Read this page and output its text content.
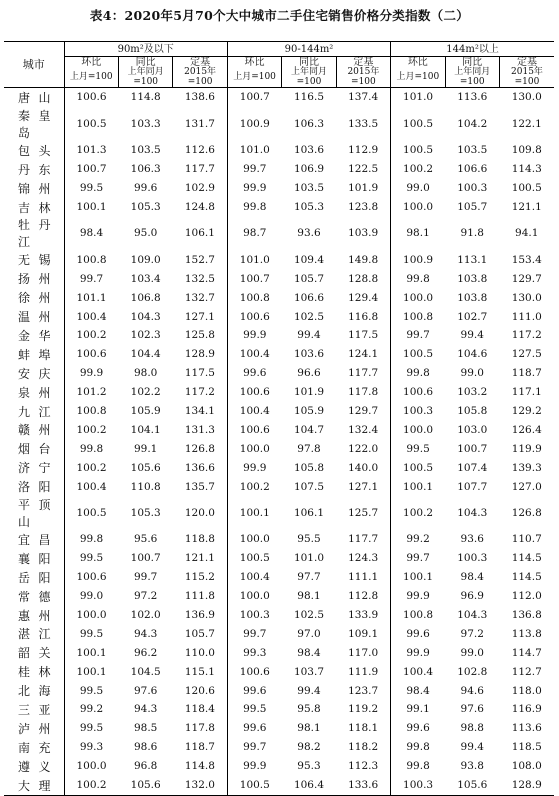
表4：2020年5月70个大中城市二手住宅销售价格分类指数（二）
城市	90m²及以下			90-144m²			144m²以上		
	环比	同比	定基	环比	同比	定基	环比	同比	定基
	上月=100	上年同月=100	2015年=100	上月=100	上年同月=100	2015年=100	上月=100	上年同月=100	2015年=100
唐山	100.6	114.8	138.6	100.7	116.5	137.4	101.0	113.6	130.0
秦皇岛	100.5	103.3	131.7	100.9	106.3	133.5	100.5	104.2	122.1
包头	101.3	103.5	112.6	101.0	103.6	112.9	100.5	103.5	109.8
丹东	100.7	106.3	117.7	99.7	106.9	122.5	100.2	106.6	114.3
锦州	99.5	99.6	102.9	99.9	103.5	101.9	99.0	100.3	100.5
吉林	100.1	105.3	124.8	99.8	105.3	123.8	100.0	105.7	121.1
牡丹江	98.4	95.0	106.1	98.7	93.6	103.9	98.1	91.8	94.1
无锡	100.8	109.0	152.7	101.0	109.4	149.8	100.9	113.1	153.4
扬州	99.7	103.4	132.5	100.7	105.7	128.8	99.8	103.8	129.7
徐州	101.1	106.8	132.7	100.8	106.6	129.4	100.0	103.8	130.0
温州	100.4	104.3	127.1	100.6	102.5	116.8	100.8	102.7	111.0
金华	100.2	102.3	125.8	99.9	99.4	117.5	99.7	99.4	117.2
蚌埠	100.6	104.4	128.9	100.4	103.6	124.1	100.5	104.6	127.5
安庆	99.9	98.0	117.5	99.6	96.6	117.7	99.8	99.0	118.7
泉州	101.2	102.2	117.2	100.6	101.9	117.8	100.6	103.2	117.1
九江	100.8	105.9	134.1	100.4	105.9	129.7	100.3	105.8	129.2
赣州	100.2	104.1	131.3	100.6	104.7	132.4	100.0	103.0	126.4
烟台	99.8	99.1	126.8	100.0	97.8	122.0	99.5	100.7	119.9
济宁	100.2	105.6	136.6	99.9	105.8	140.0	100.5	107.4	139.3
洛阳	100.4	110.8	135.7	100.2	107.5	127.1	100.1	107.7	127.0
平顶山	100.5	105.3	120.0	100.1	106.1	125.7	100.2	104.3	126.8
宜昌	99.8	95.6	118.8	100.0	95.5	117.7	99.2	93.6	110.7
襄阳	99.5	100.7	121.1	100.5	101.0	124.3	99.7	100.3	114.5
岳阳	100.6	99.7	115.2	100.4	97.7	111.1	100.1	98.4	114.5
常德	99.0	97.2	111.8	100.0	98.1	112.8	99.9	96.9	112.0
惠州	100.0	102.0	136.9	100.3	102.5	133.9	100.8	104.3	136.8
湛江	99.5	94.3	105.7	99.7	97.0	109.1	99.6	97.2	113.8
韶关	100.1	96.2	110.0	99.3	98.4	117.0	99.9	99.0	114.7
桂林	100.1	104.5	115.1	100.6	103.7	111.9	100.4	102.8	112.7
北海	99.5	97.6	120.6	99.6	99.4	123.7	98.4	94.6	118.0
三亚	99.2	94.3	118.4	99.5	95.8	119.2	99.1	97.6	116.9
泸州	99.5	98.5	117.8	99.6	98.1	118.1	99.6	98.8	113.6
南充	99.3	98.6	118.7	99.7	98.2	118.2	99.8	99.4	118.5
遵义	100.0	96.8	114.8	99.9	95.3	112.3	99.8	93.8	108.0
大理	100.2	105.6	132.0	100.5	106.4	133.6	100.3	105.6	128.9
